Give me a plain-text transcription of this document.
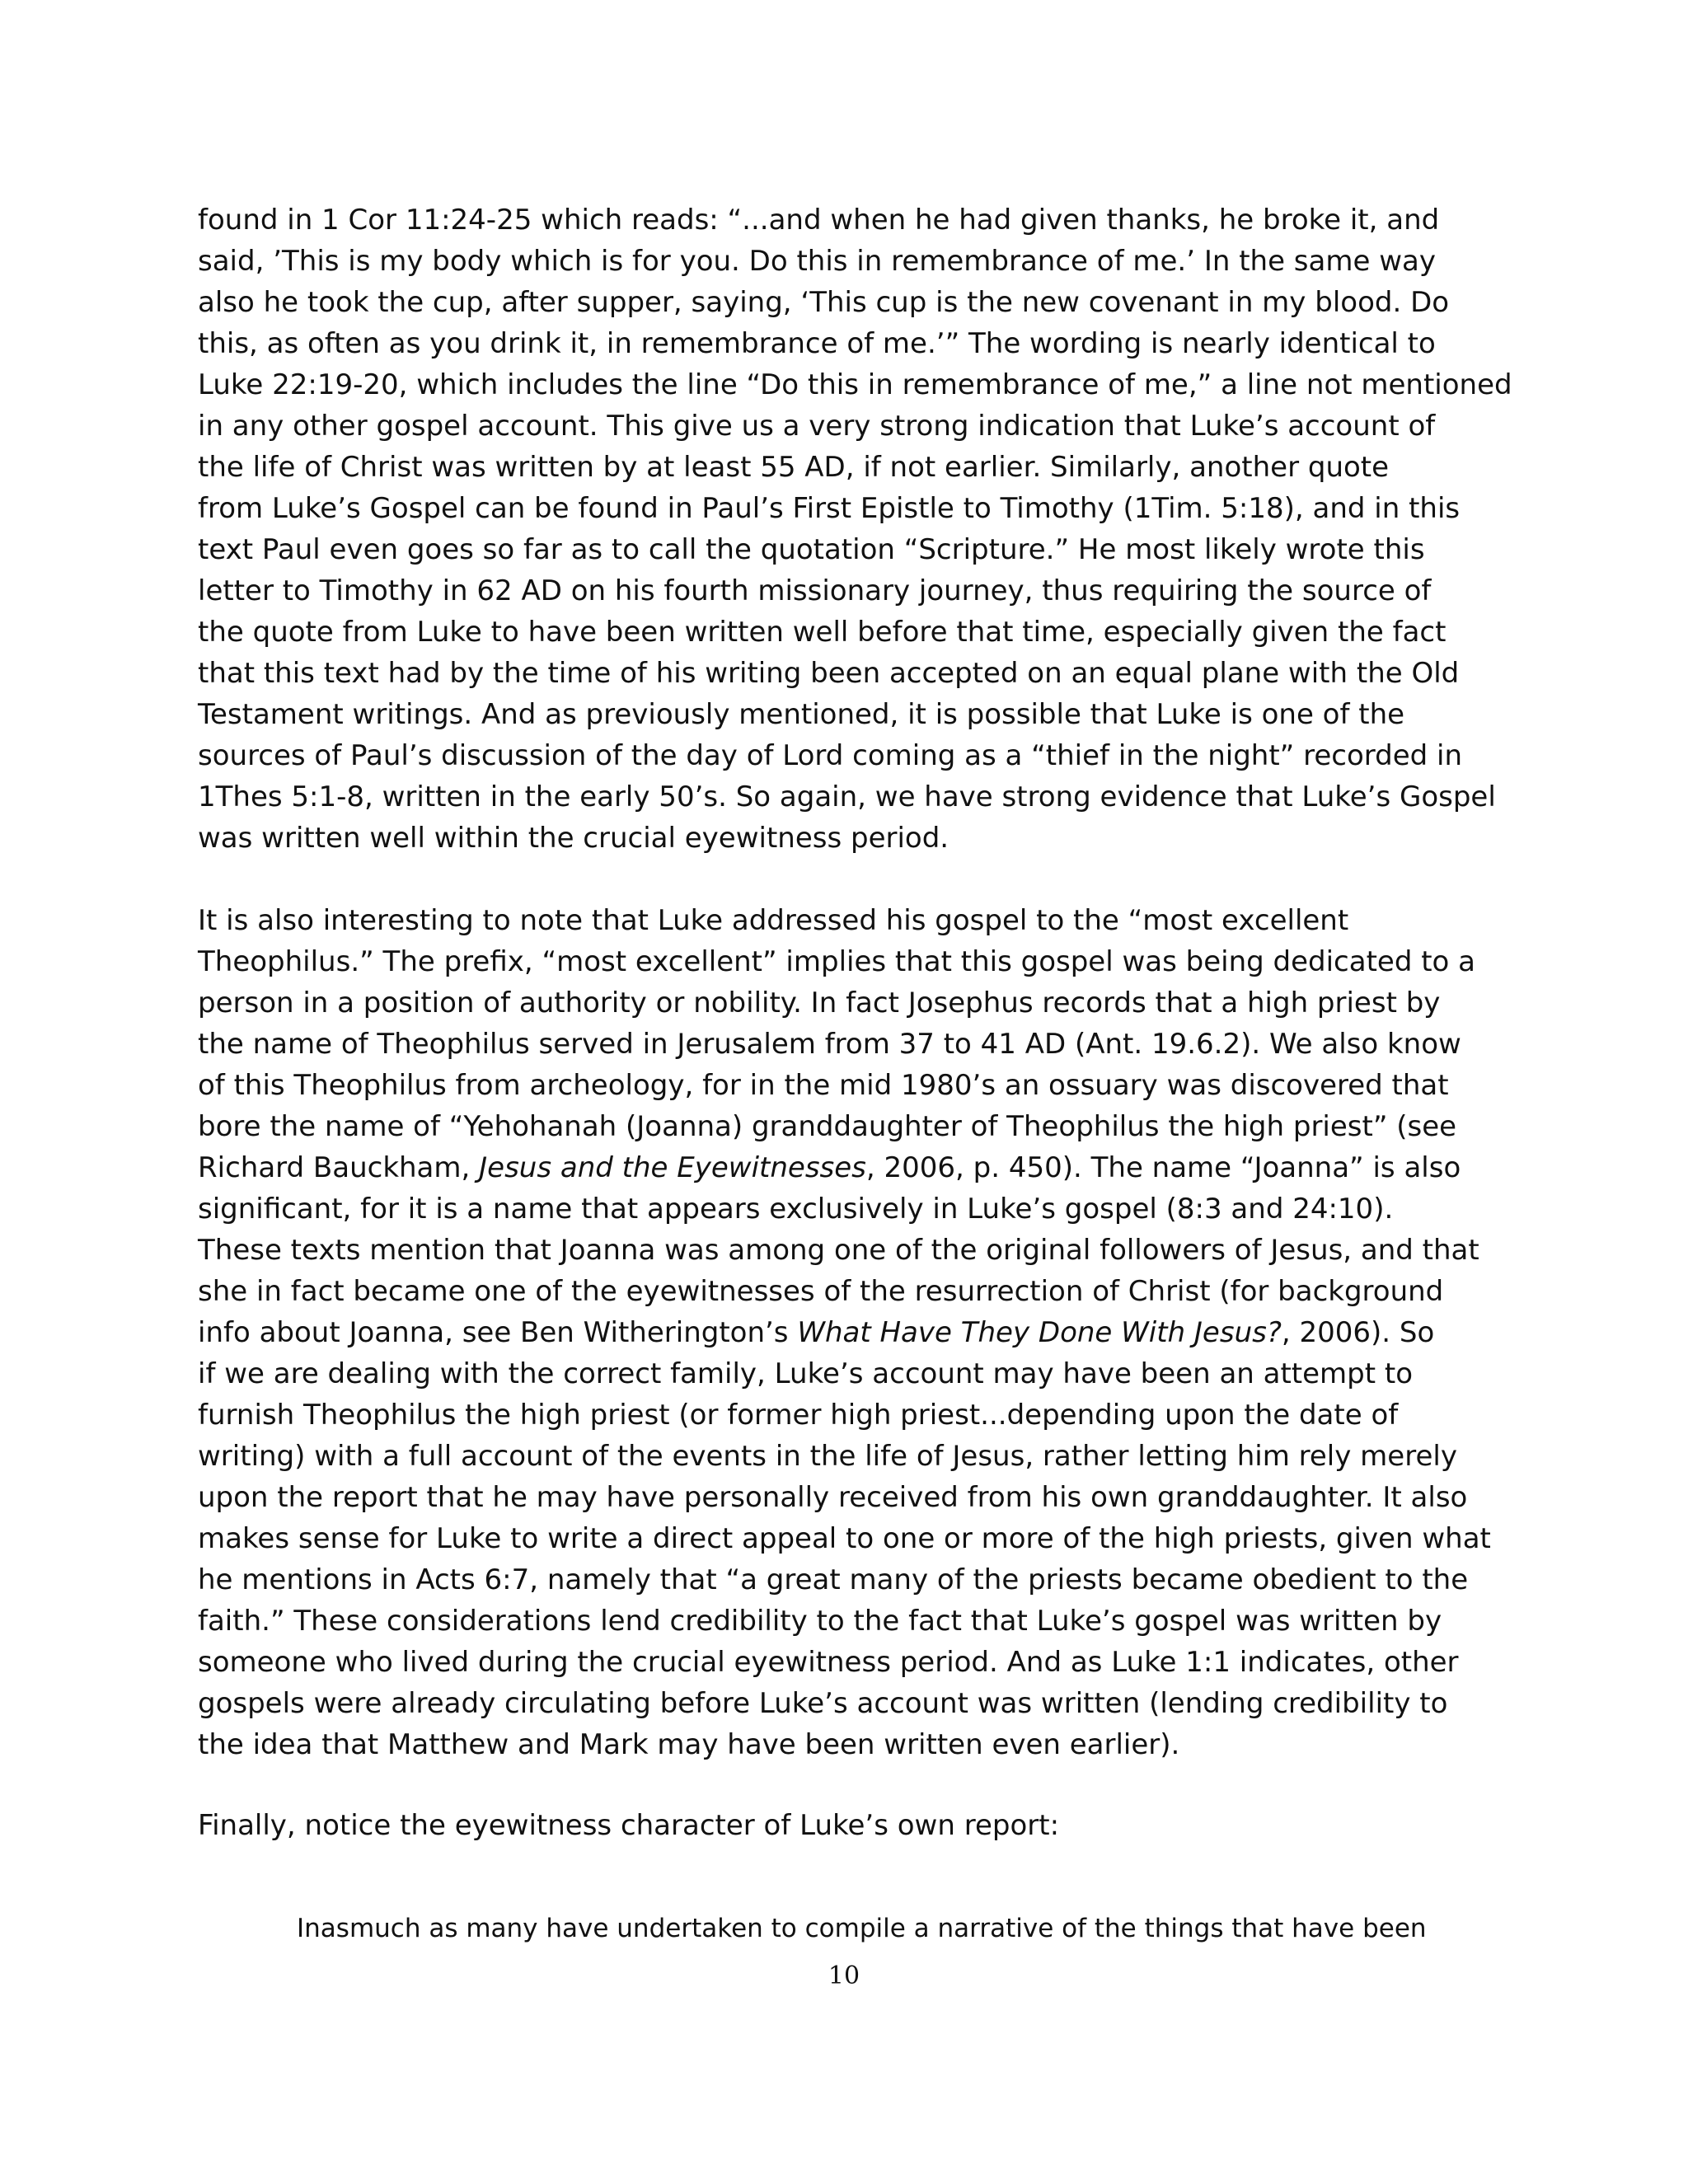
found in 1 Cor 11:24-25 which reads: “...and when he had given thanks, he broke it, and
said, ’This is my body which is for you. Do this in remembrance of me.’ In the same way
also he took the cup, after supper, saying, ‘This cup is the new covenant in my blood. Do
this, as often as you drink it, in remembrance of me.’” The wording is nearly identical to
Luke 22:19-20, which includes the line “Do this in remembrance of me,” a line not mentioned
in any other gospel account. This give us a very strong indication that Luke’s account of
the life of Christ was written by at least 55 AD, if not earlier. Similarly, another quote
from Luke’s Gospel can be found in Paul’s First Epistle to Timothy (1Tim. 5:18), and in this
text Paul even goes so far as to call the quotation “Scripture.” He most likely wrote this
letter to Timothy in 62 AD on his fourth missionary journey, thus requiring the source of
the quote from Luke to have been written well before that time, especially given the fact
that this text had by the time of his writing been accepted on an equal plane with the Old
Testament writings. And as previously mentioned, it is possible that Luke is one of the
sources of Paul’s discussion of the day of Lord coming as a “thief in the night” recorded in
1Thes 5:1-8, written in the early 50’s. So again, we have strong evidence that Luke’s Gospel
was written well within the crucial eyewitness period.
It is also interesting to note that Luke addressed his gospel to the “most excellent
Theophilus.” The prefix, “most excellent” implies that this gospel was being dedicated to a
person in a position of authority or nobility. In fact Josephus records that a high priest by
the name of Theophilus served in Jerusalem from 37 to 41 AD (Ant. 19.6.2). We also know
of this Theophilus from archeology, for in the mid 1980’s an ossuary was discovered that
bore the name of “Yehohanah (Joanna) granddaughter of Theophilus the high priest” (see
Richard Bauckham, Jesus and the Eyewitnesses, 2006, p. 450). The name “Joanna” is also
significant, for it is a name that appears exclusively in Luke’s gospel (8:3 and 24:10).
These texts mention that Joanna was among one of the original followers of Jesus, and that
she in fact became one of the eyewitnesses of the resurrection of Christ (for background
info about Joanna, see Ben Witherington’s What Have They Done With Jesus?, 2006). So
if we are dealing with the correct family, Luke’s account may have been an attempt to
furnish Theophilus the high priest (or former high priest...depending upon the date of
writing) with a full account of the events in the life of Jesus, rather letting him rely merely
upon the report that he may have personally received from his own granddaughter. It also
makes sense for Luke to write a direct appeal to one or more of the high priests, given what
he mentions in Acts 6:7, namely that “a great many of the priests became obedient to the
faith.” These considerations lend credibility to the fact that Luke’s gospel was written by
someone who lived during the crucial eyewitness period. And as Luke 1:1 indicates, other
gospels were already circulating before Luke’s account was written (lending credibility to
the idea that Matthew and Mark may have been written even earlier).
Finally, notice the eyewitness character of Luke’s own report:
Inasmuch as many have undertaken to compile a narrative of the things that have been
10
